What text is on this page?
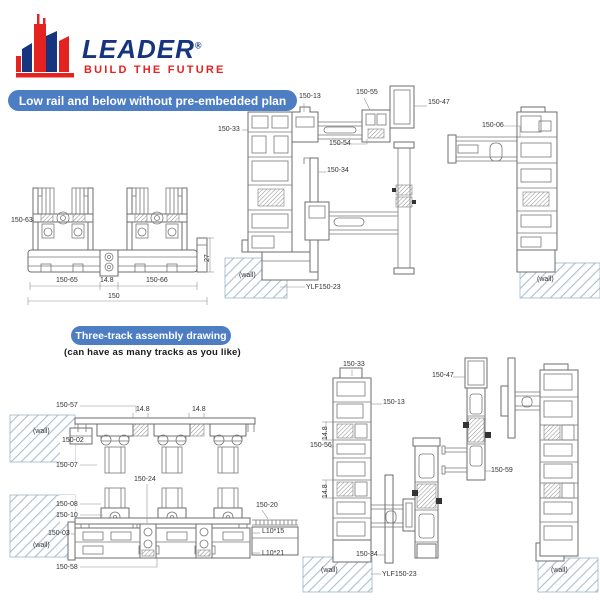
LEADER®
BUILD THE FUTURE
Low rail and below without pre-embedded plan
Three-track assembly drawing
(can have as many tracks as you like)
150-13
150-55
150-47
150-33
150-54
150-34
150-06
(wall)
YLF150-23
(wall)
150-63
150-65	14.8	150-66
150
27
150-57
14.8	14.8
(wall)
150-02
150-07
150-24
150-08
150-10
150-03
(wall)
150-58
150-20
L10*15
L10*21
150-33
150-47
150-13
14.8
150-56
150-59
14.8
150-34
(wall)
YLF150-23
(wall)
